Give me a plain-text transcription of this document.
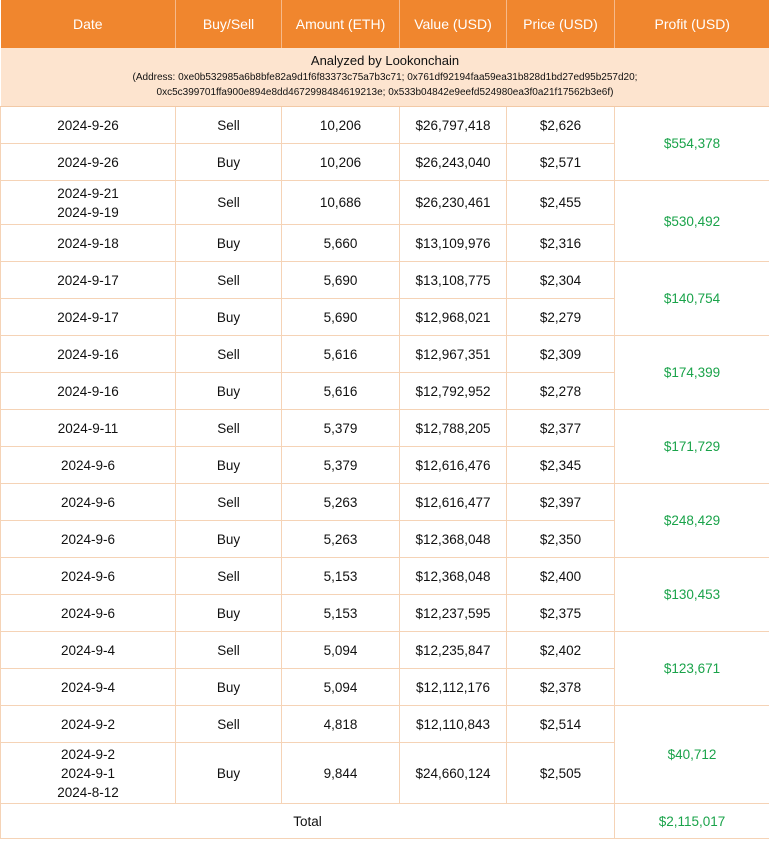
Date	Buy/Sell	Amount (ETH)	Value (USD)	Price (USD)	Profit (USD)

Analyzed by Lookonchain
(Address: 0xe0b532985a6b8bfe82a9d1f6f83373c75a7b3c71; 0x761df92194faa59ea31b828d1bd27ed95b257d20;
0xc5c399701ffa900e894e8dd4672998484619213e; 0x533b04842e9eefd524980ea3f0a21f17562b3e6f)					

2024-9-26	Sell	10,206	$26,797,418	$2,626	$554,378

2024-9-26	Buy	10,206	$26,243,040	$2,571	

2024-9-21
2024-9-19	Sell	10,686	$26,230,461	$2,455	$530,492

2024-9-18	Buy	5,660	$13,109,976	$2,316	

2024-9-17	Sell	5,690	$13,108,775	$2,304	$140,754

2024-9-17	Buy	5,690	$12,968,021	$2,279	

2024-9-16	Sell	5,616	$12,967,351	$2,309	$174,399

2024-9-16	Buy	5,616	$12,792,952	$2,278	

2024-9-11	Sell	5,379	$12,788,205	$2,377	$171,729

2024-9-6	Buy	5,379	$12,616,476	$2,345	

2024-9-6	Sell	5,263	$12,616,477	$2,397	$248,429

2024-9-6	Buy	5,263	$12,368,048	$2,350	

2024-9-6	Sell	5,153	$12,368,048	$2,400	$130,453

2024-9-6	Buy	5,153	$12,237,595	$2,375	

2024-9-4	Sell	5,094	$12,235,847	$2,402	$123,671

2024-9-4	Buy	5,094	$12,112,176	$2,378	

2024-9-2	Sell	4,818	$12,110,843	$2,514	$40,712

2024-9-2
2024-9-1
2024-8-12	Buy	9,844	$24,660,124	$2,505	
Total					$2,115,017
